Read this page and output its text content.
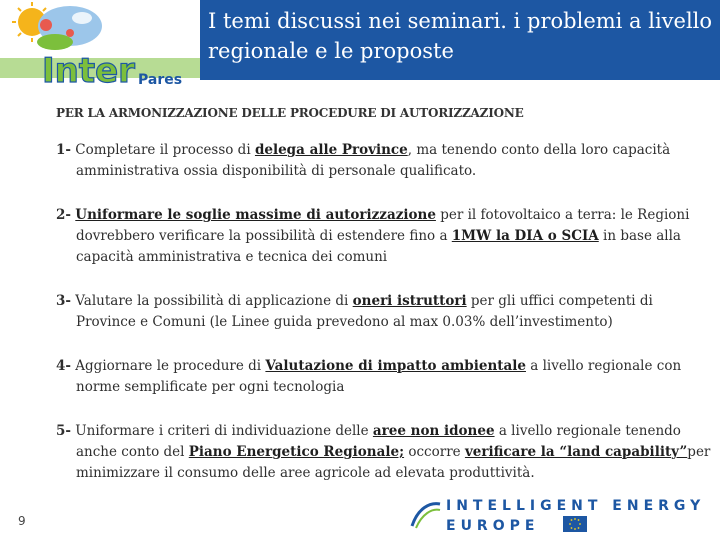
Inter Pares
I temi discussi nei seminari. i problemi a livello regionale e le proposte
PER LA ARMONIZZAZIONE DELLE PROCEDURE DI AUTORIZZAZIONE
1- Completare il processo di delega alle Province, ma tenendo conto della loro capacità amministrativa ossia disponibilità di personale qualificato.
2- Uniformare le soglie massime di autorizzazione per il fotovoltaico a terra: le Regioni dovrebbero verificare la possibilità di estendere fino a 1MW la DIA o SCIA in base alla capacità amministrativa e tecnica dei comuni
3- Valutare la possibilità di applicazione di oneri istruttori per gli uffici competenti di Province e Comuni (le Linee guida prevedono al max 0.03% dell’investimento)
4- Aggiornare le procedure di Valutazione di impatto ambientale a livello regionale con norme semplificate per ogni tecnologia
5- Uniformare i criteri di individuazione delle aree non idonee a livello regionale tenendo anche conto del Piano Energetico Regionale; occorre verificare la “land capability”per minimizzare il consumo delle aree agricole ad elevata produttività.
9
INTELLIGENT ENERGY
EUROPE
